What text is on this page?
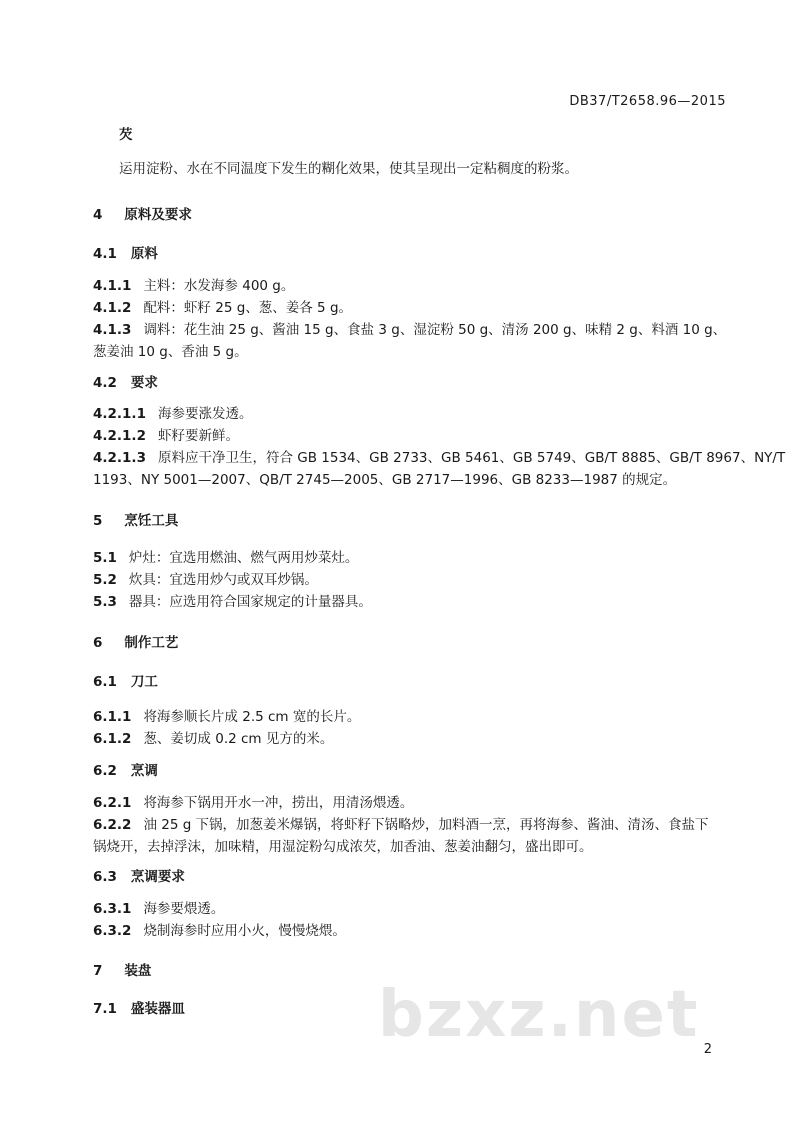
DB37/T2658.96—2015
芡
运用淀粉、水在不同温度下发生的糊化效果，使其呈现出一定粘稠度的粉浆。
4 原料及要求
4.1 原料
4.1.1 主料：水发海参 400 g。
4.1.2 配料：虾籽 25 g、葱、姜各 5 g。
4.1.3 调料：花生油 25 g、酱油 15 g、食盐 3 g、湿淀粉 50 g、清汤 200 g、味精 2 g、料酒 10 g、
葱姜油 10 g、香油 5 g。
4.2 要求
4.2.1.1 海参要涨发透。
4.2.1.2 虾籽要新鲜。
4.2.1.3 原料应干净卫生，符合 GB 1534、GB 2733、GB 5461、GB 5749、GB/T 8885、GB/T 8967、NY/T
1193、NY 5001—2007、QB/T 2745—2005、GB 2717—1996、GB 8233—1987 的规定。
5 烹饪工具
5.1 炉灶：宜选用燃油、燃气两用炒菜灶。
5.2 炊具：宜选用炒勺或双耳炒锅。
5.3 器具：应选用符合国家规定的计量器具。
6 制作工艺
6.1 刀工
6.1.1 将海参顺长片成 2.5 cm 宽的长片。
6.1.2 葱、姜切成 0.2 cm 见方的米。
6.2 烹调
6.2.1 将海参下锅用开水一冲，捞出，用清汤煨透。
6.2.2 油 25 g 下锅，加葱姜米爆锅，将虾籽下锅略炒，加料酒一烹，再将海参、酱油、清汤、食盐下
锅烧开，去掉浮沫，加味精，用湿淀粉勾成浓芡，加香油、葱姜油翻匀，盛出即可。
6.3 烹调要求
6.3.1 海参要煨透。
6.3.2 烧制海参时应用小火，慢慢烧煨。
7 装盘
7.1 盛装器皿	bzxz.net 2
